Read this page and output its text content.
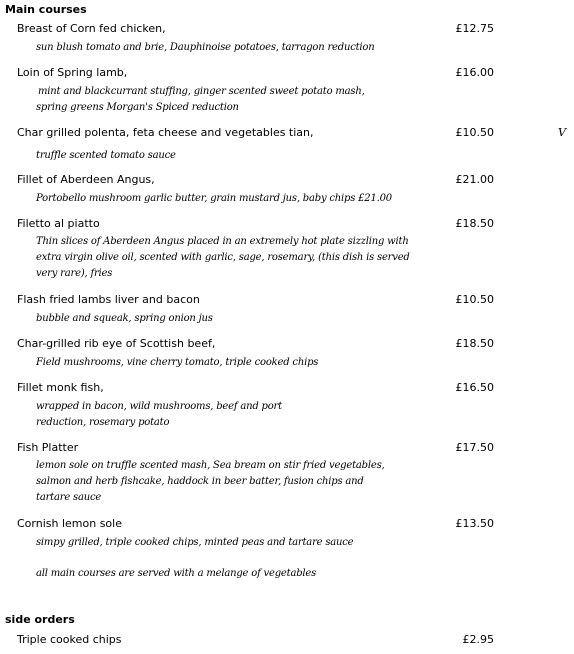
Main courses
Breast of Corn fed chicken,	£12.75
sun blush tomato and brie, Dauphinoise potatoes, tarragon reduction
Loin of Spring lamb,	£16.00
mint and blackcurrant stuffing, ginger scented sweet potato mash, spring greens Morgan's Spiced reduction
Char grilled polenta, feta cheese and vegetables tian,	£10.50	V
truffle scented tomato sauce
Fillet of Aberdeen Angus,	£21.00
Portobello mushroom garlic butter, grain mustard jus, baby chips £21.00
Filetto al piatto	£18.50
Thin slices of Aberdeen Angus placed in an extremely hot plate sizzling with extra virgin olive oil, scented with garlic, sage, rosemary, (this dish is served very rare), fries
Flash fried lambs liver and bacon	£10.50
bubble and squeak, spring onion jus
Char-grilled rib eye of Scottish beef,	£18.50
Field mushrooms, vine cherry tomato, triple cooked chips
Fillet monk fish,	£16.50
wrapped in bacon, wild mushrooms, beef and port reduction, rosemary potato
Fish Platter	£17.50
lemon sole on truffle scented mash, Sea bream on stir fried vegetables, salmon and herb fishcake, haddock in beer batter, fusion chips and tartare sauce
Cornish lemon sole	£13.50
simpy grilled, triple cooked chips, minted peas and tartare sauce
all main courses are served with a melange of vegetables
side orders
Triple cooked chips	£2.95
